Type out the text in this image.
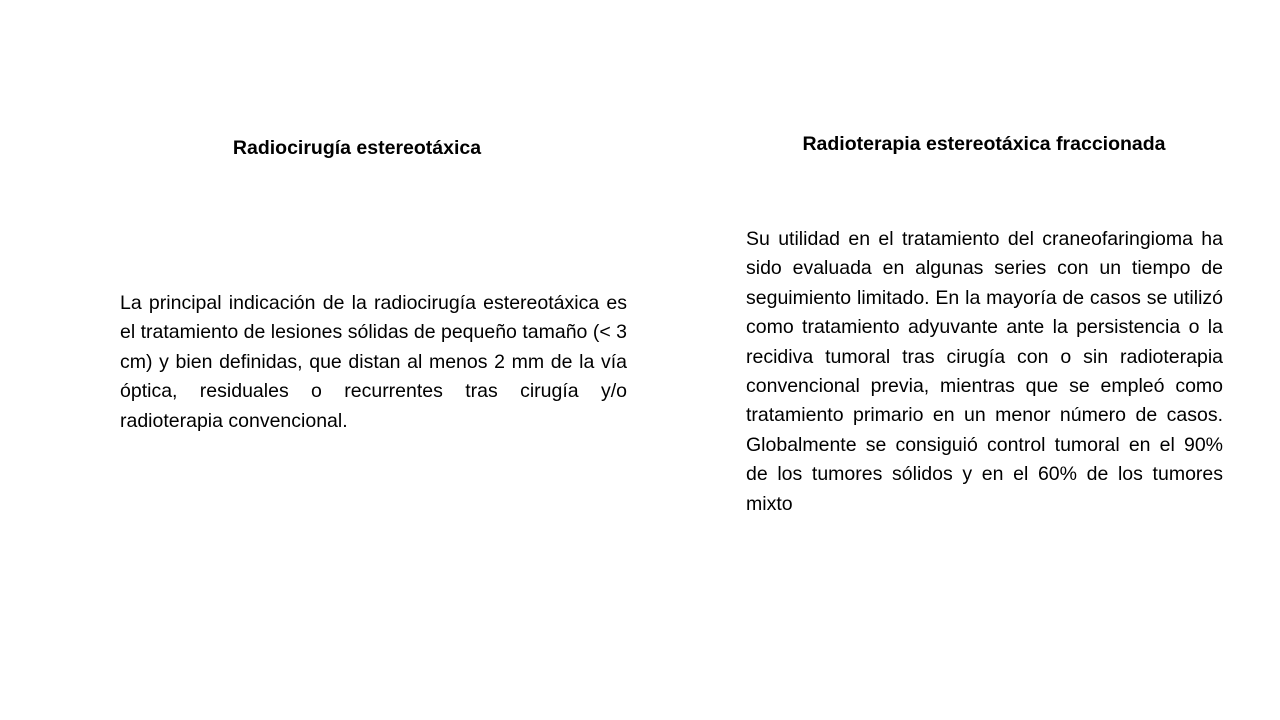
Radiocirugía estereotáxica
La principal indicación de la radiocirugía estereotáxica es el tratamiento de lesiones sólidas de pequeño tamaño (< 3 cm) y bien definidas, que distan al menos 2 mm de la vía óptica, residuales o recurrentes tras cirugía y/o radioterapia convencional.
Radioterapia estereotáxica fraccionada
Su utilidad en el tratamiento del craneofaringioma ha sido evaluada en algunas series con un tiempo de seguimiento limitado. En la mayoría de casos se utilizó como tratamiento adyuvante ante la persistencia o la recidiva tumoral tras cirugía con o sin radioterapia convencional previa, mientras que se empleó como tratamiento primario en un menor número de casos. Globalmente se consiguió control tumoral en el 90% de los tumores sólidos y en el 60% de los tumores mixto
